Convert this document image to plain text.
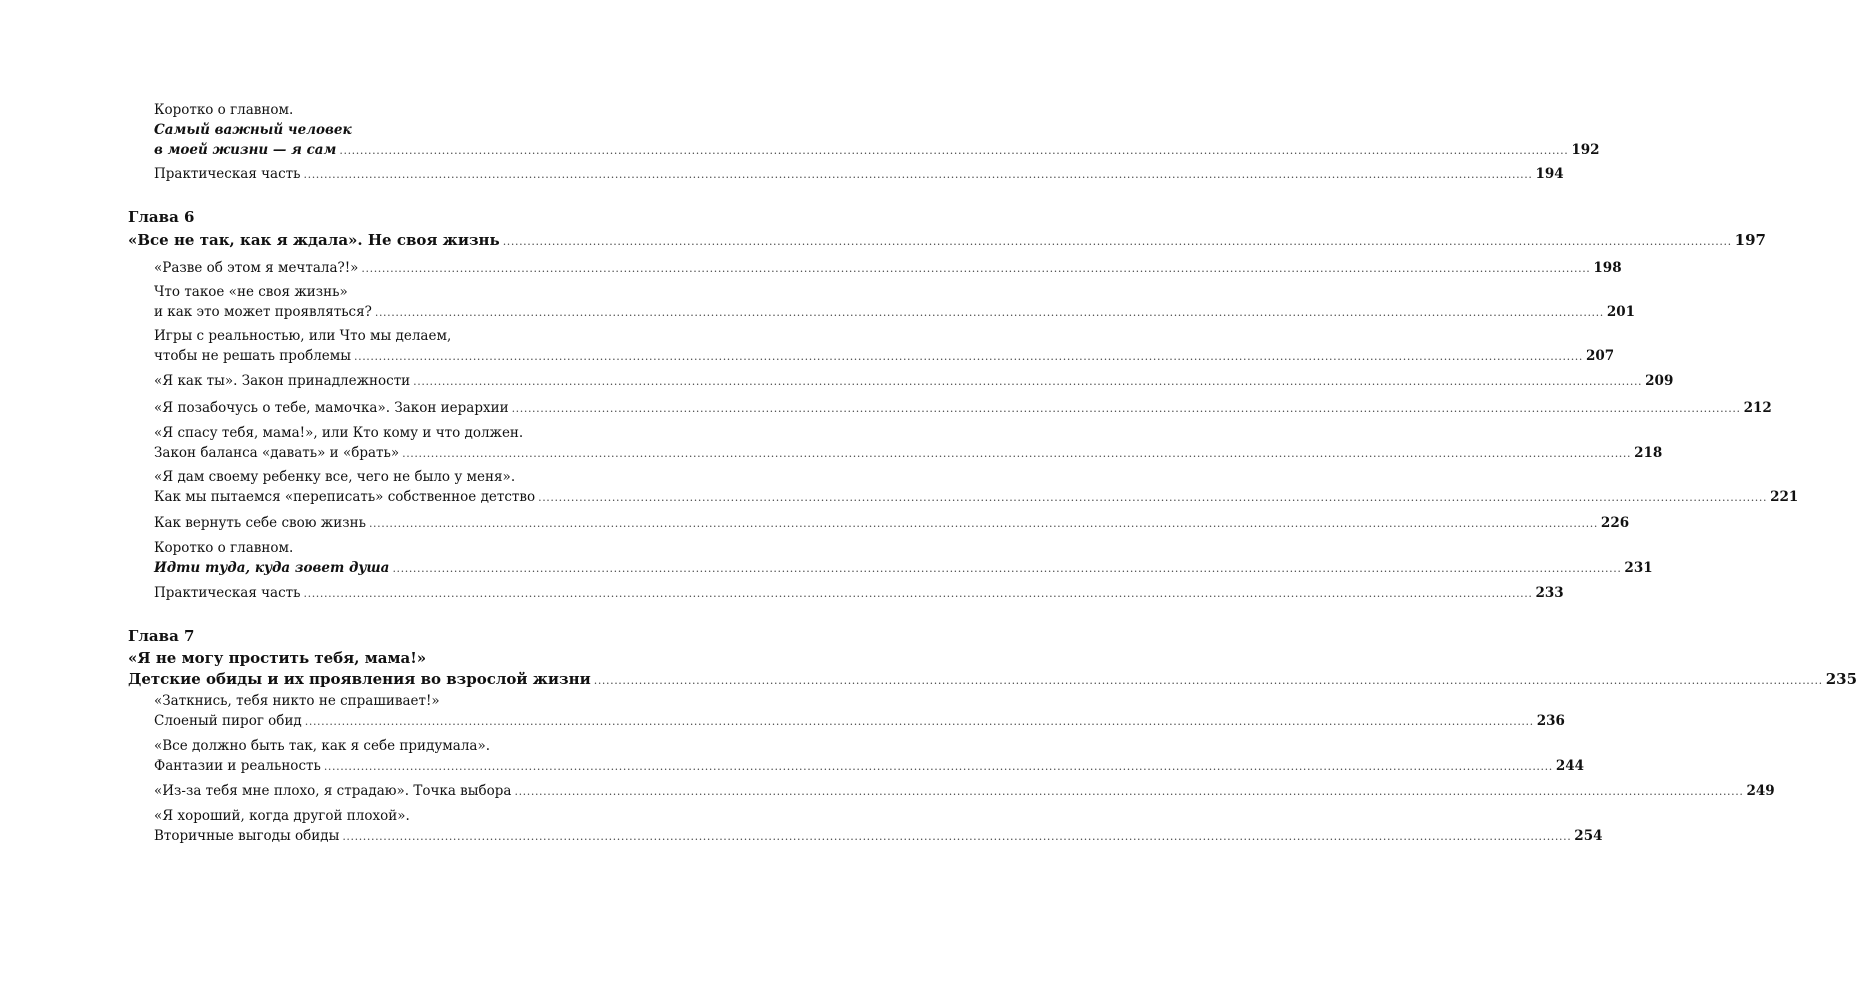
Коротко о главном.
Самый важный человек
в моей жизни — я сам ............................................................................................................................................................................................................................................................................................................ 192
Практическая часть ............................................................................................................................................................................................................................................................................................................ 194
Глава 6
«Все не так, как я ждала». Не своя жизнь ............................................................................................................................................................................................................................................................................................................ 197
«Разве об этом я мечтала?!» ............................................................................................................................................................................................................................................................................................................ 198
Что такое «не своя жизнь»
и как это может проявляться? ............................................................................................................................................................................................................................................................................................................ 201
Игры с реальностью, или Что мы делаем,
чтобы не решать проблемы ............................................................................................................................................................................................................................................................................................................ 207
«Я как ты». Закон принадлежности ............................................................................................................................................................................................................................................................................................................ 209
«Я позабочусь о тебе, мамочка». Закон иерархии ............................................................................................................................................................................................................................................................................................................ 212
«Я спасу тебя, мама!», или Кто кому и что должен.
Закон баланса «давать» и «брать» ............................................................................................................................................................................................................................................................................................................ 218
«Я дам своему ребенку все, чего не было у меня».
Как мы пытаемся «переписать» собственное детство ............................................................................................................................................................................................................................................................................................................ 221
Как вернуть себе свою жизнь ............................................................................................................................................................................................................................................................................................................ 226
Коротко о главном.
Идти туда, куда зовет душа ............................................................................................................................................................................................................................................................................................................ 231
Практическая часть ............................................................................................................................................................................................................................................................................................................ 233
Глава 7
«Я не могу простить тебя, мама!»
Детские обиды и их проявления во взрослой жизни ............................................................................................................................................................................................................................................................................................................ 235
«Заткнись, тебя никто не спрашивает!»
Слоеный пирог обид ............................................................................................................................................................................................................................................................................................................ 236
«Все должно быть так, как я себе придумала».
Фантазии и реальность ............................................................................................................................................................................................................................................................................................................ 244
«Из-за тебя мне плохо, я страдаю». Точка выбора ............................................................................................................................................................................................................................................................................................................ 249
«Я хороший, когда другой плохой».
Вторичные выгоды обиды ............................................................................................................................................................................................................................................................................................................ 254
